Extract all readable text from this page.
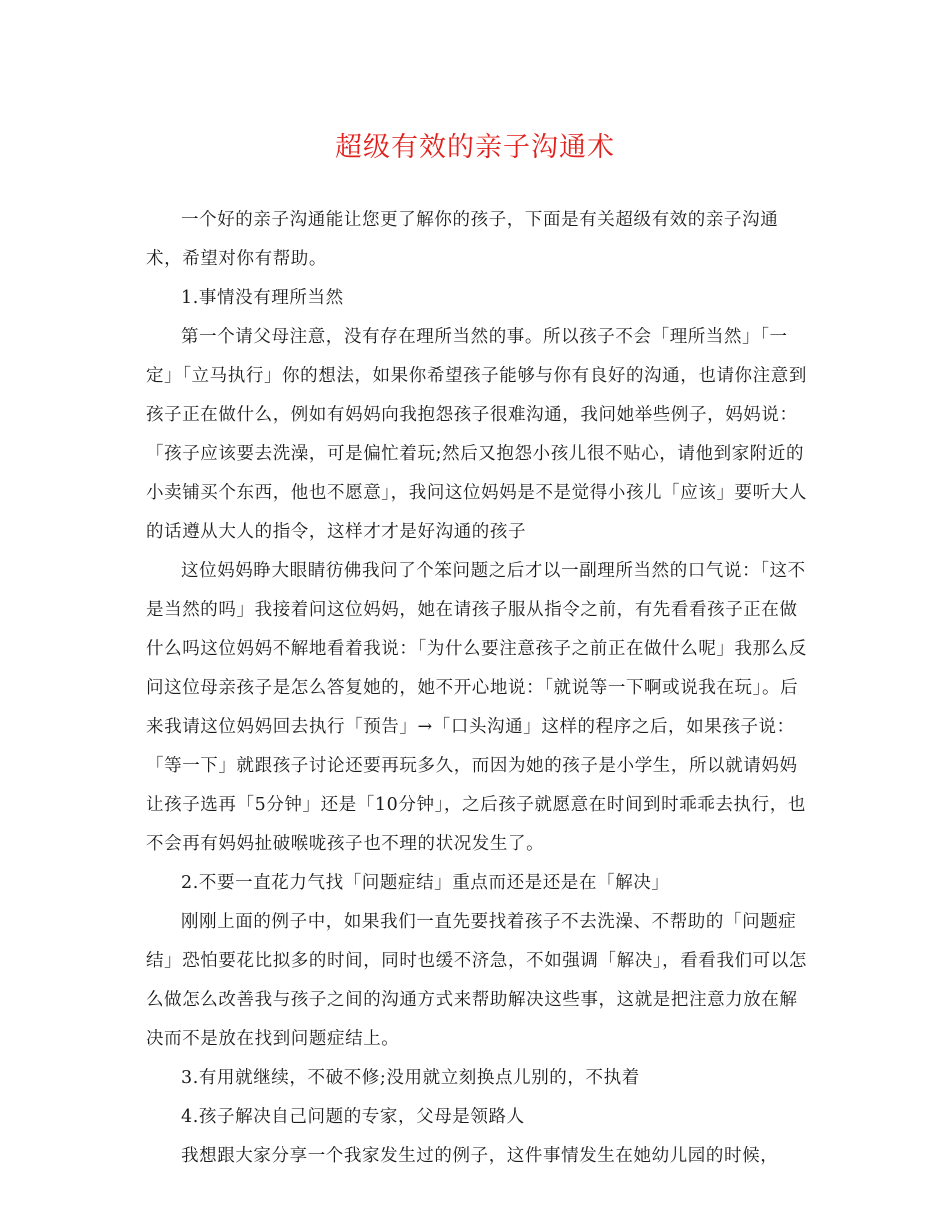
超级有效的亲子沟通术

一个好的亲子沟通能让您更了解你的孩子，下面是有关超级有效的亲子沟通术，希望对你有帮助。

1.事情没有理所当然

第一个请父母注意，没有存在理所当然的事。所以孩子不会「理所当然」「一定」「立马执行」你的想法，如果你希望孩子能够与你有良好的沟通，也请你注意到孩子正在做什么，例如有妈妈向我抱怨孩子很难沟通，我问她举些例子，妈妈说：「孩子应该要去洗澡，可是偏忙着玩;然后又抱怨小孩儿很不贴心，请他到家附近的小卖铺买个东西，他也不愿意」，我问这位妈妈是不是觉得小孩儿「应该」要听大人的话遵从大人的指令，这样才才是好沟通的孩子

这位妈妈睁大眼睛彷佛我问了个笨问题之后才以一副理所当然的口气说：「这不是当然的吗」我接着问这位妈妈，她在请孩子服从指令之前，有先看看孩子正在做什么吗这位妈妈不解地看着我说：「为什么要注意孩子之前正在做什么呢」我那么反问这位母亲孩子是怎么答复她的，她不开心地说：「就说等一下啊或说我在玩」。后来我请这位妈妈回去执行「预告」→「口头沟通」这样的程序之后，如果孩子说：「等一下」就跟孩子讨论还要再玩多久，而因为她的孩子是小学生，所以就请妈妈让孩子选再「5分钟」还是「10分钟」，之后孩子就愿意在时间到时乖乖去执行，也不会再有妈妈扯破喉咙孩子也不理的状况发生了。

2.不要一直花力气找「问题症结」重点而还是还是在「解决」

刚刚上面的例子中，如果我们一直先要找着孩子不去洗澡、不帮助的「问题症结」恐怕要花比拟多的时间，同时也缓不济急，不如强调「解决」，看看我们可以怎么做怎么改善我与孩子之间的沟通方式来帮助解决这些事，这就是把注意力放在解决而不是放在找到问题症结上。

3.有用就继续，不破不修;没用就立刻换点儿别的，不执着

4.孩子解决自己问题的专家，父母是领路人

我想跟大家分享一个我家发生过的例子，这件事情发生在她幼儿园的时候，
